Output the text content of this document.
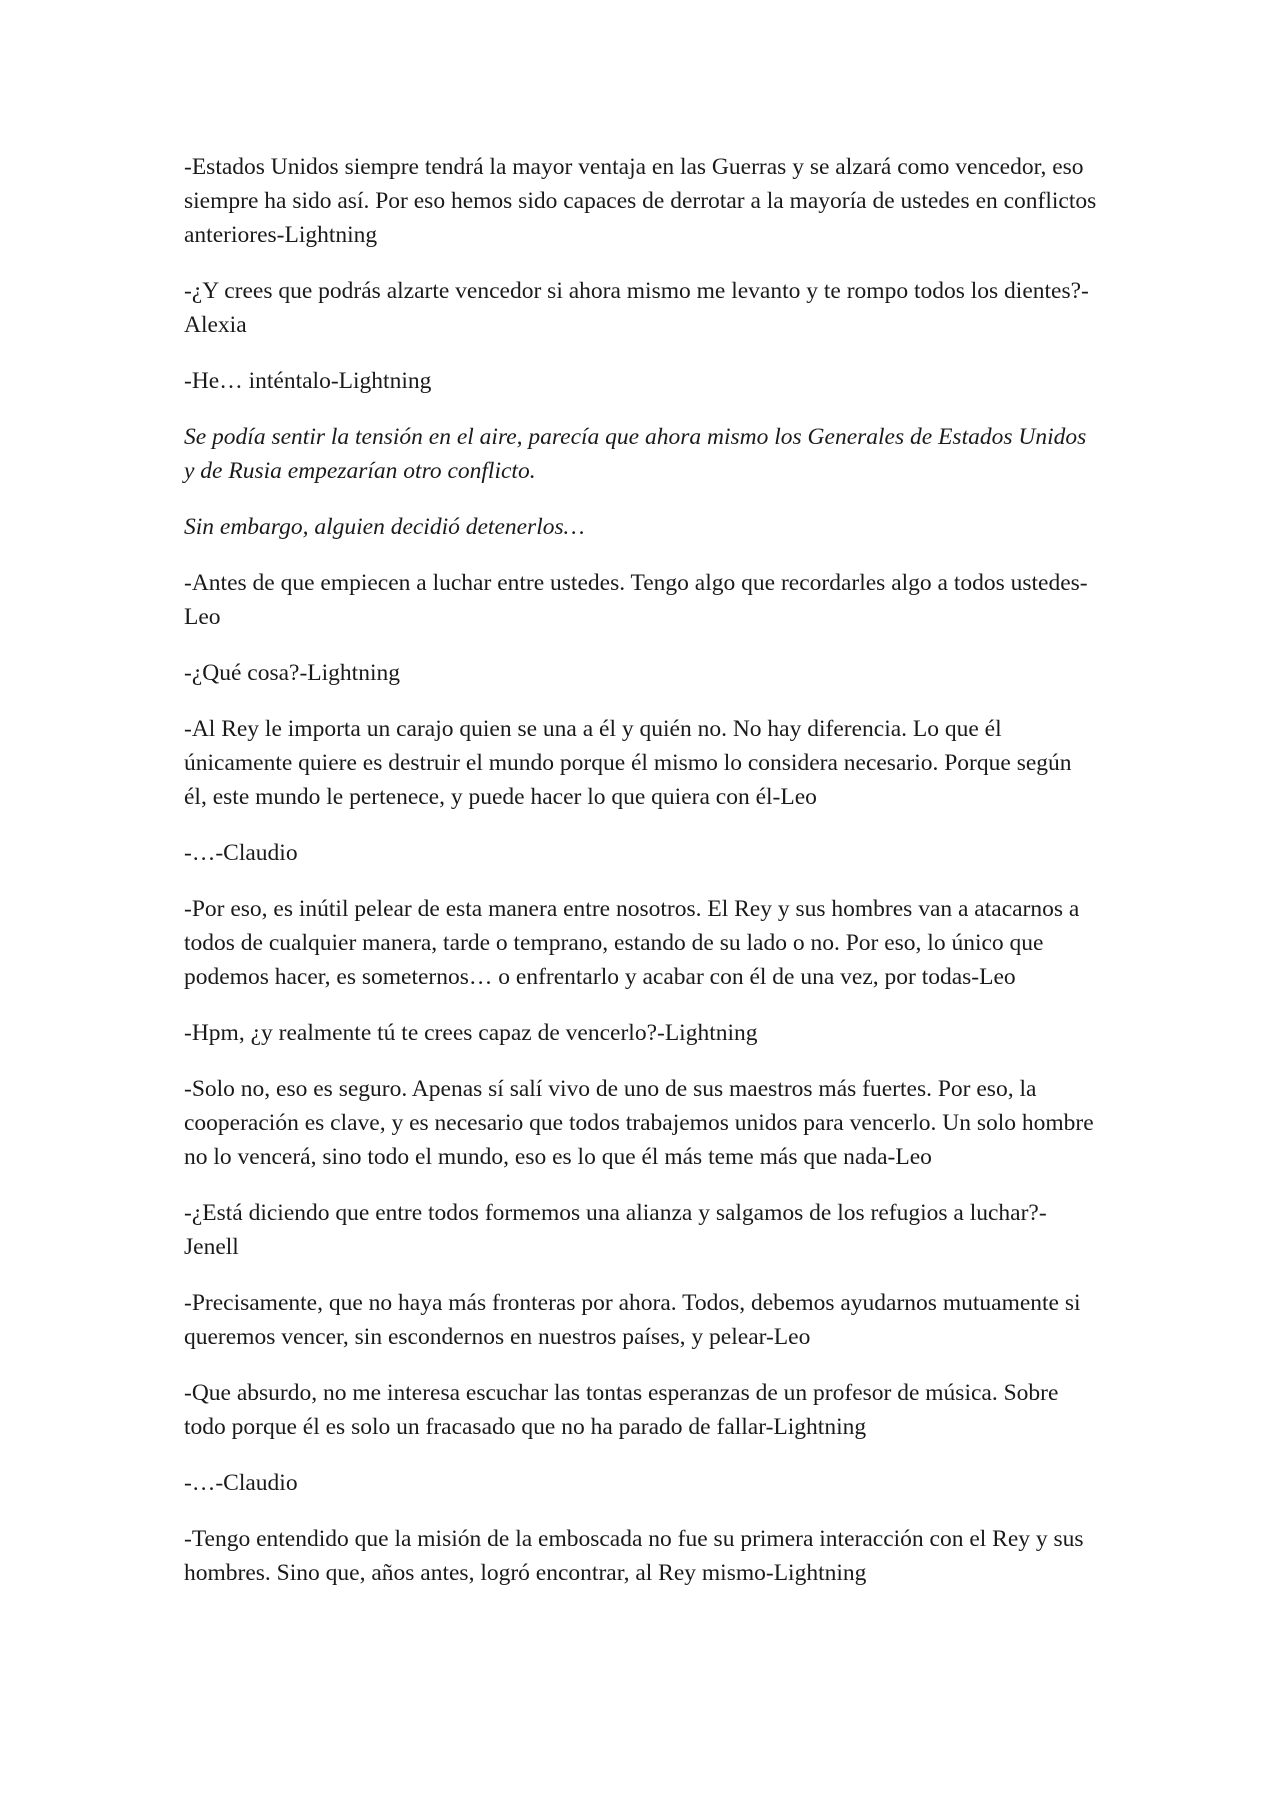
-Estados Unidos siempre tendrá la mayor ventaja en las Guerras y se alzará como vencedor, eso siempre ha sido así. Por eso hemos sido capaces de derrotar a la mayoría de ustedes en conflictos anteriores-Lightning

-¿Y crees que podrás alzarte vencedor si ahora mismo me levanto y te rompo todos los dientes?-Alexia

-He… inténtalo-Lightning

Se podía sentir la tensión en el aire, parecía que ahora mismo los Generales de Estados Unidos y de Rusia empezarían otro conflicto.

Sin embargo, alguien decidió detenerlos…

-Antes de que empiecen a luchar entre ustedes. Tengo algo que recordarles algo a todos ustedes-Leo

-¿Qué cosa?-Lightning

-Al Rey le importa un carajo quien se una a él y quién no. No hay diferencia. Lo que él únicamente quiere es destruir el mundo porque él mismo lo considera necesario. Porque según él, este mundo le pertenece, y puede hacer lo que quiera con él-Leo

-…-Claudio

-Por eso, es inútil pelear de esta manera entre nosotros. El Rey y sus hombres van a atacarnos a todos de cualquier manera, tarde o temprano, estando de su lado o no. Por eso, lo único que podemos hacer, es someternos… o enfrentarlo y acabar con él de una vez, por todas-Leo

-Hpm, ¿y realmente tú te crees capaz de vencerlo?-Lightning

-Solo no, eso es seguro. Apenas sí salí vivo de uno de sus maestros más fuertes. Por eso, la cooperación es clave, y es necesario que todos trabajemos unidos para vencerlo. Un solo hombre no lo vencerá, sino todo el mundo, eso es lo que él más teme más que nada-Leo

-¿Está diciendo que entre todos formemos una alianza y salgamos de los refugios a luchar?-Jenell

-Precisamente, que no haya más fronteras por ahora. Todos, debemos ayudarnos mutuamente si queremos vencer, sin escondernos en nuestros países, y pelear-Leo

-Que absurdo, no me interesa escuchar las tontas esperanzas de un profesor de música. Sobre todo porque él es solo un fracasado que no ha parado de fallar-Lightning

-…-Claudio

-Tengo entendido que la misión de la emboscada no fue su primera interacción con el Rey y sus hombres. Sino que, años antes, logró encontrar, al Rey mismo-Lightning
